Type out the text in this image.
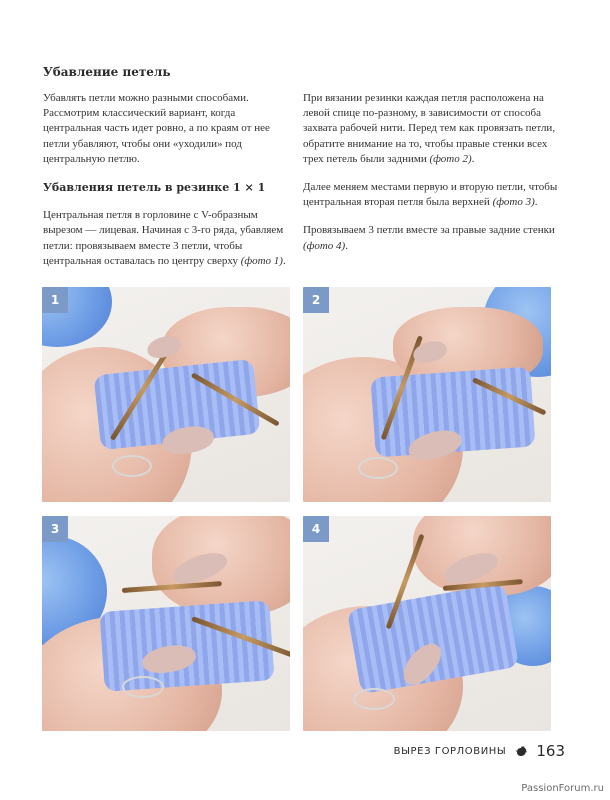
Убавление петель

Убавлять петли можно разными способами. Рассмотрим классический вариант, когда центральная часть идет ровно, а по краям от нее петли убавляют, чтобы они «уходили» под центральную петлю.

Убавления петель в резинке 1 × 1

Центральная петля в горловине с V-образным вырезом — лицевая. Начиная с 3-го ряда, убавляем петли: провязываем вместе 3 петли, чтобы центральная оставалась по центру сверху (фото 1).

При вязании резинки каждая петля расположена на левой спице по-разному, в зависимости от способа захвата рабочей нити. Перед тем как провязать петли, обратите внимание на то, чтобы правые стенки всех трех петель были задними (фото 2).

Далее меняем местами первую и вторую петли, чтобы центральная вторая петля была верхней (фото 3).

Провязываем 3 петли вместе за правые задние стенки (фото 4).

1	2
3	4
ВЫРЕЗ ГОРЛОВИНЫ 163
PassionForum.ru
